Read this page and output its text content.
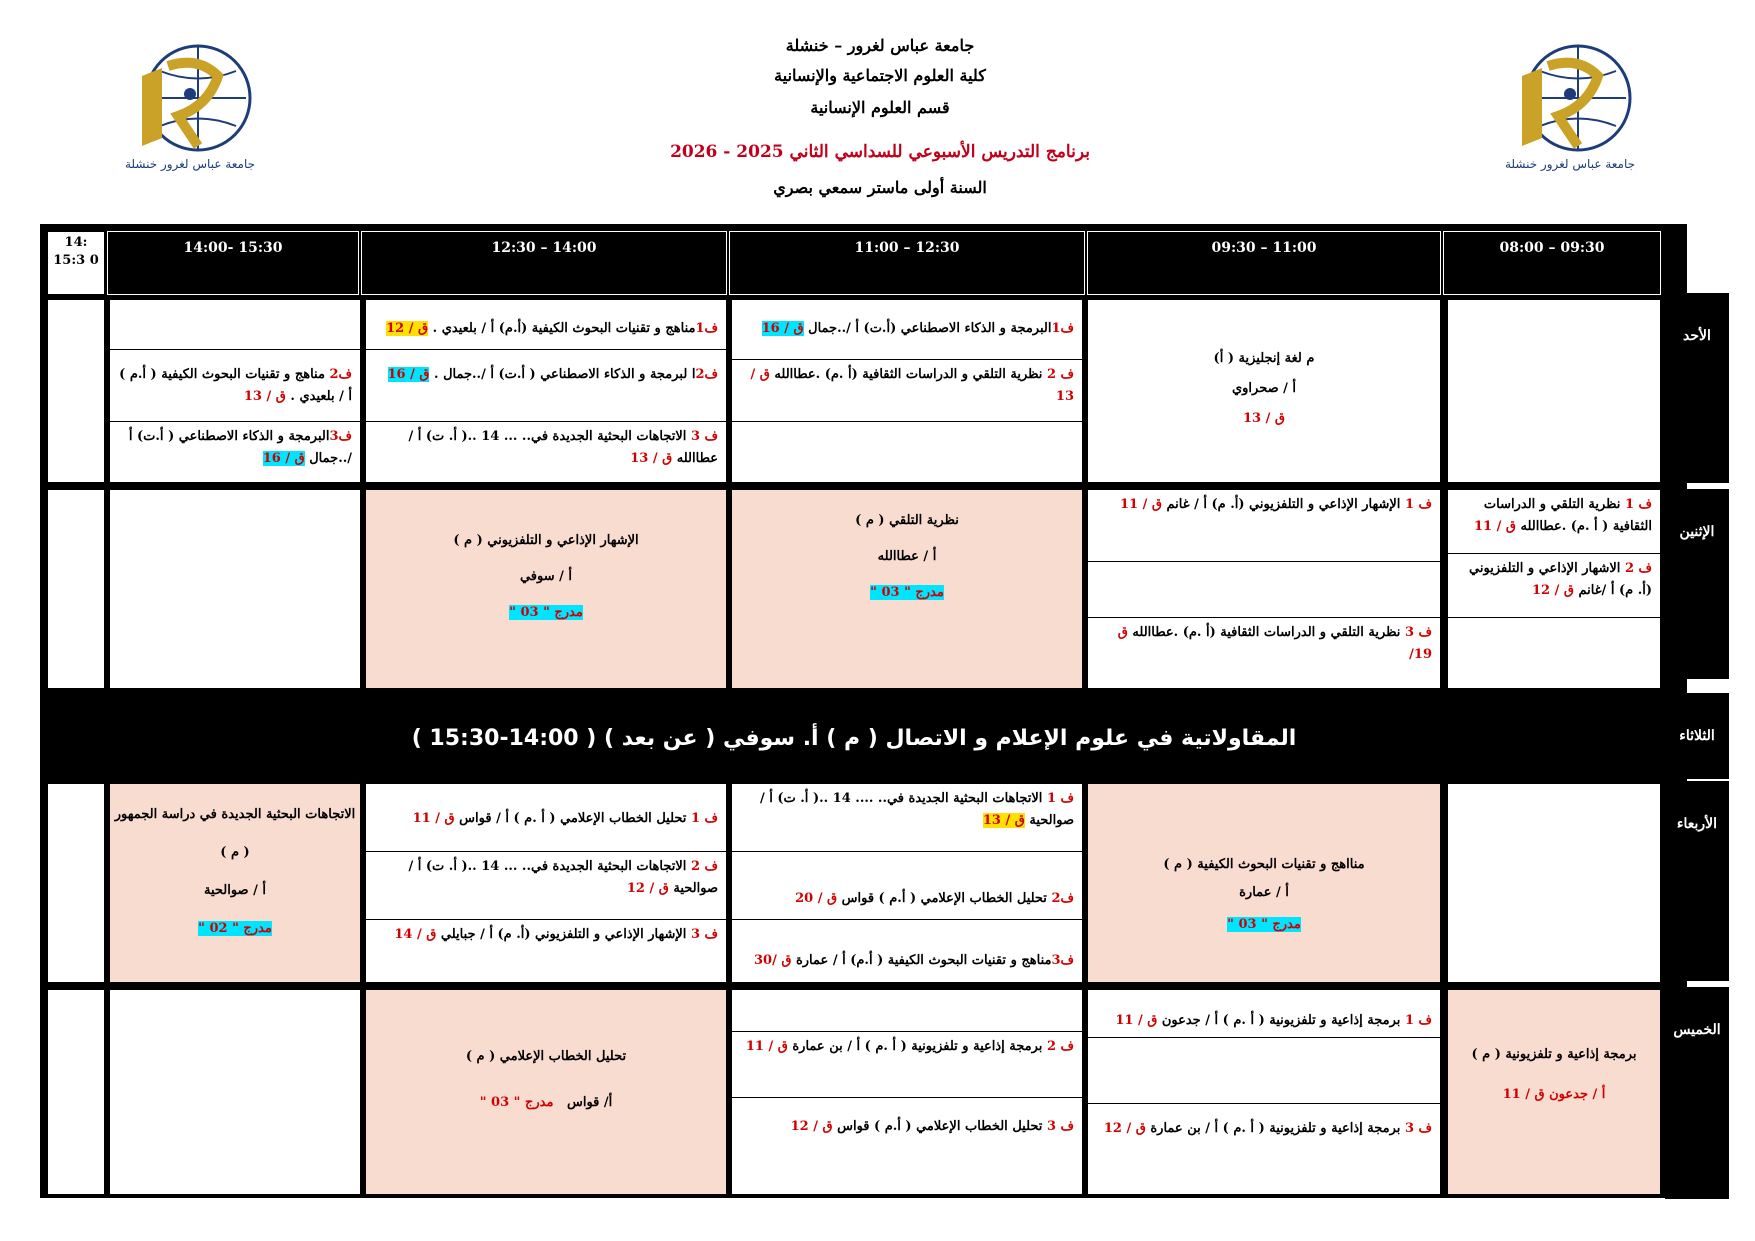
جامعة عباس لغرور خنشلة	جامعة عباس لغرور خنشلة
جامعة عباس لغرور – خنشلة
كلية العلوم الاجتماعية والإنسانية
قسم العلوم الإنسانية
برنامج التدريس الأسبوعي للسداسي الثاني 2025 - 2026
السنة أولى ماستر سمعي بصري
08:00 – 09:30
09:30 – 11:00
11:00 – 12:30
12:30 – 14:00
14:00- 15:30
14: 15:3 0
الأحد
الإثنين
الثلاثاء
الأربعاء
الخميس
م لغة إنجليزية ( أ)
أ / صحراوي
ق / 13
ف1البرمجة و الذكاء الاصطناعي (أ.ت) أ /..جمال ق / 16
ف 2 نظرية التلقي و الدراسات الثقافية (أ .م) .عطاالله ق / 13
ف1مناهج و تقنيات البحوث الكيفية (أ.م) أ / بلعيدي . ق / 12
ف2ا لبرمجة و الذكاء الاصطناعي ( أ.ت) أ /..جمال . ق / 16
ف 3 الاتجاهات البحثية الجديدة في.. ... 14 ..( أ. ت) أ / عطاالله ق / 13
ف2 مناهج و تقنيات البحوث الكيفية ( أ.م ) أ / بلعيدي . ق / 13
ف3البرمجة و الذكاء الاصطناعي ( أ.ت) أ /..جمال ق / 16
ف 1 نظرية التلقي و الدراسات الثقافية ( أ .م) .عطاالله ق / 11
ف 2 الاشهار الإذاعي و التلفزيوني (أ. م) أ /غانم ق / 12
ف 1 الإشهار الإذاعي و التلفزيوني (أ. م) أ / غانم ق / 11
ف 3 نظرية التلقي و الدراسات الثقافية (أ .م) .عطاالله ق 19/
نظرية التلقي ( م )
أ / عطاالله
مدرج " 03 "
الإشهار الإذاعي و التلفزيوني ( م )
أ / سوفي
مدرج " 03 "
المقاولاتية في علوم الإعلام و الاتصال ( م ) أ. سوفي ( عن بعد ) ( 14:00-15:30 )
منااهج و تقنيات البحوث الكيفية ( م )
أ / عمارة
مدرج " 03 "
ف 1 الاتجاهات البحثية الجديدة في.. .... 14 ..( أ. ت) أ / صوالحية ق / 13
ف2 تحليل الخطاب الإعلامي ( أ.م ) قواس ق / 20
ف3مناهج و تقنيات البحوث الكيفية ( أ.م) أ / عمارة ق /30
ف 1 تحليل الخطاب الإعلامي ( أ .م ) أ / قواس ق / 11
ف 2 الاتجاهات البحثية الجديدة في.. ... 14 ..( أ. ت) أ / صوالحية ق / 12
ف 3 الإشهار الإذاعي و التلفزيوني (أ. م) أ / جبايلي ق / 14
الاتجاهات البحثية الجديدة في دراسة الجمهور
( م )
أ / صوالحية
مدرج " 02 "
برمجة إذاعية و تلفزيونية ( م )
أ / جدعون ق / 11
ف 1 برمجة إذاعية و تلفزيونية ( أ .م ) أ / جدعون ق / 11
ف 3 برمجة إذاعية و تلفزيونية ( أ .م ) أ / بن عمارة ق / 12
ف 2 برمجة إذاعية و تلفزيونية ( أ .م ) أ / بن عمارة ق / 11
ف 3 تحليل الخطاب الإعلامي ( أ.م ) قواس ق / 12
تحليل الخطاب الإعلامي ( م )
أ/ قواس   مدرج " 03 "
